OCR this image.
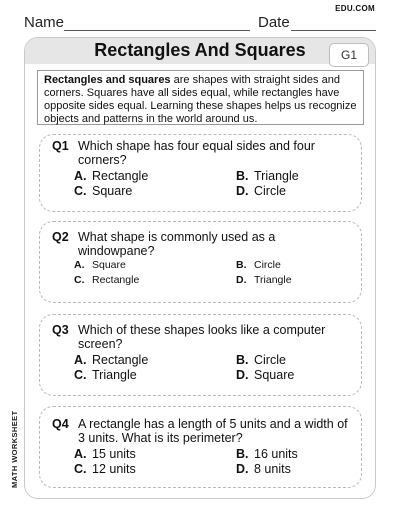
Name	Date
EDU.COM
MATH WORKSHEET
Rectangles And Squares	G1
Rectangles and squares are shapes with straight sides and corners. Squares have all sides equal, while rectangles have opposite sides equal. Learning these shapes helps us recognize objects and patterns in the world around us.
Q1 Which shape has four equal sides and four corners?
A. Rectangle	B. Triangle
C. Square	D. Circle
Q2 What shape is commonly used as a windowpane?
A. Square	B. Circle
C. Rectangle	D. Triangle
Q3 Which of these shapes looks like a computer screen?
A. Rectangle	B. Circle
C. Triangle	D. Square
Q4 A rectangle has a length of 5 units and a width of 3 units. What is its perimeter?
A. 15 units	B. 16 units
C. 12 units	D. 8 units
